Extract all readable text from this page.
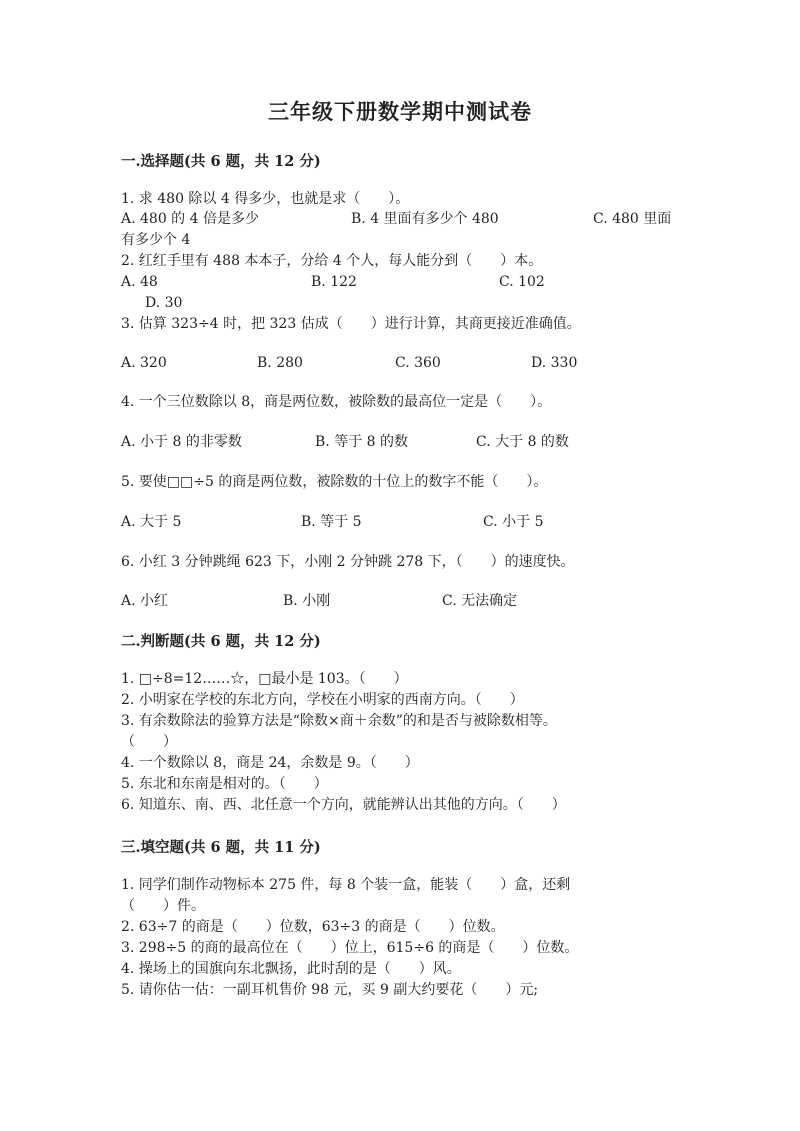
三年级下册数学期中测试卷
一.选择题(共 6 题，共 12 分)
1. 求 480 除以 4 得多少，也就是求（　　）。
A. 480 的 4 倍是多少	B. 4 里面有多少个 480	C. 480 里面
有多少个 4
2. 红红手里有 488 本本子，分给 4 个人，每人能分到（　　）本。
A. 48	B. 122	C. 102
D. 30
3. 估算 323÷4 时，把 323 估成（　　）进行计算，其商更接近准确值。
A. 320	B. 280	C. 360	D. 330
4. 一个三位数除以 8，商是两位数，被除数的最高位一定是（　　）。
A. 小于 8 的非零数	B. 等于 8 的数	C. 大于 8 的数
5. 要使□□÷5 的商是两位数，被除数的十位上的数字不能（　　）。
A. 大于 5	B. 等于 5	C. 小于 5
6. 小红 3 分钟跳绳 623 下，小刚 2 分钟跳 278 下，（　　）的速度快。
A. 小红	B. 小刚	C. 无法确定
二.判断题(共 6 题，共 12 分)
1. □÷8=12……☆，□最小是 103。（　　）
2. 小明家在学校的东北方向，学校在小明家的西南方向。（　　）
3. 有余数除法的验算方法是“除数×商＋余数”的和是否与被除数相等。
（　　）
4. 一个数除以 8，商是 24，余数是 9。（　　）
5. 东北和东南是相对的。（　　）
6. 知道东、南、西、北任意一个方向，就能辨认出其他的方向。（　　）
三.填空题(共 6 题，共 11 分)
1. 同学们制作动物标本 275 件，每 8 个装一盒，能装（　　）盒，还剩
（　　）件。
2. 63÷7 的商是（　　）位数，63÷3 的商是（　　）位数。
3. 298÷5 的商的最高位在（　　）位上，615÷6 的商是（　　）位数。
4. 操场上的国旗向东北飘扬，此时刮的是（　　）风。
5. 请你估一估：一副耳机售价 98 元，买 9 副大约要花（　　）元;
